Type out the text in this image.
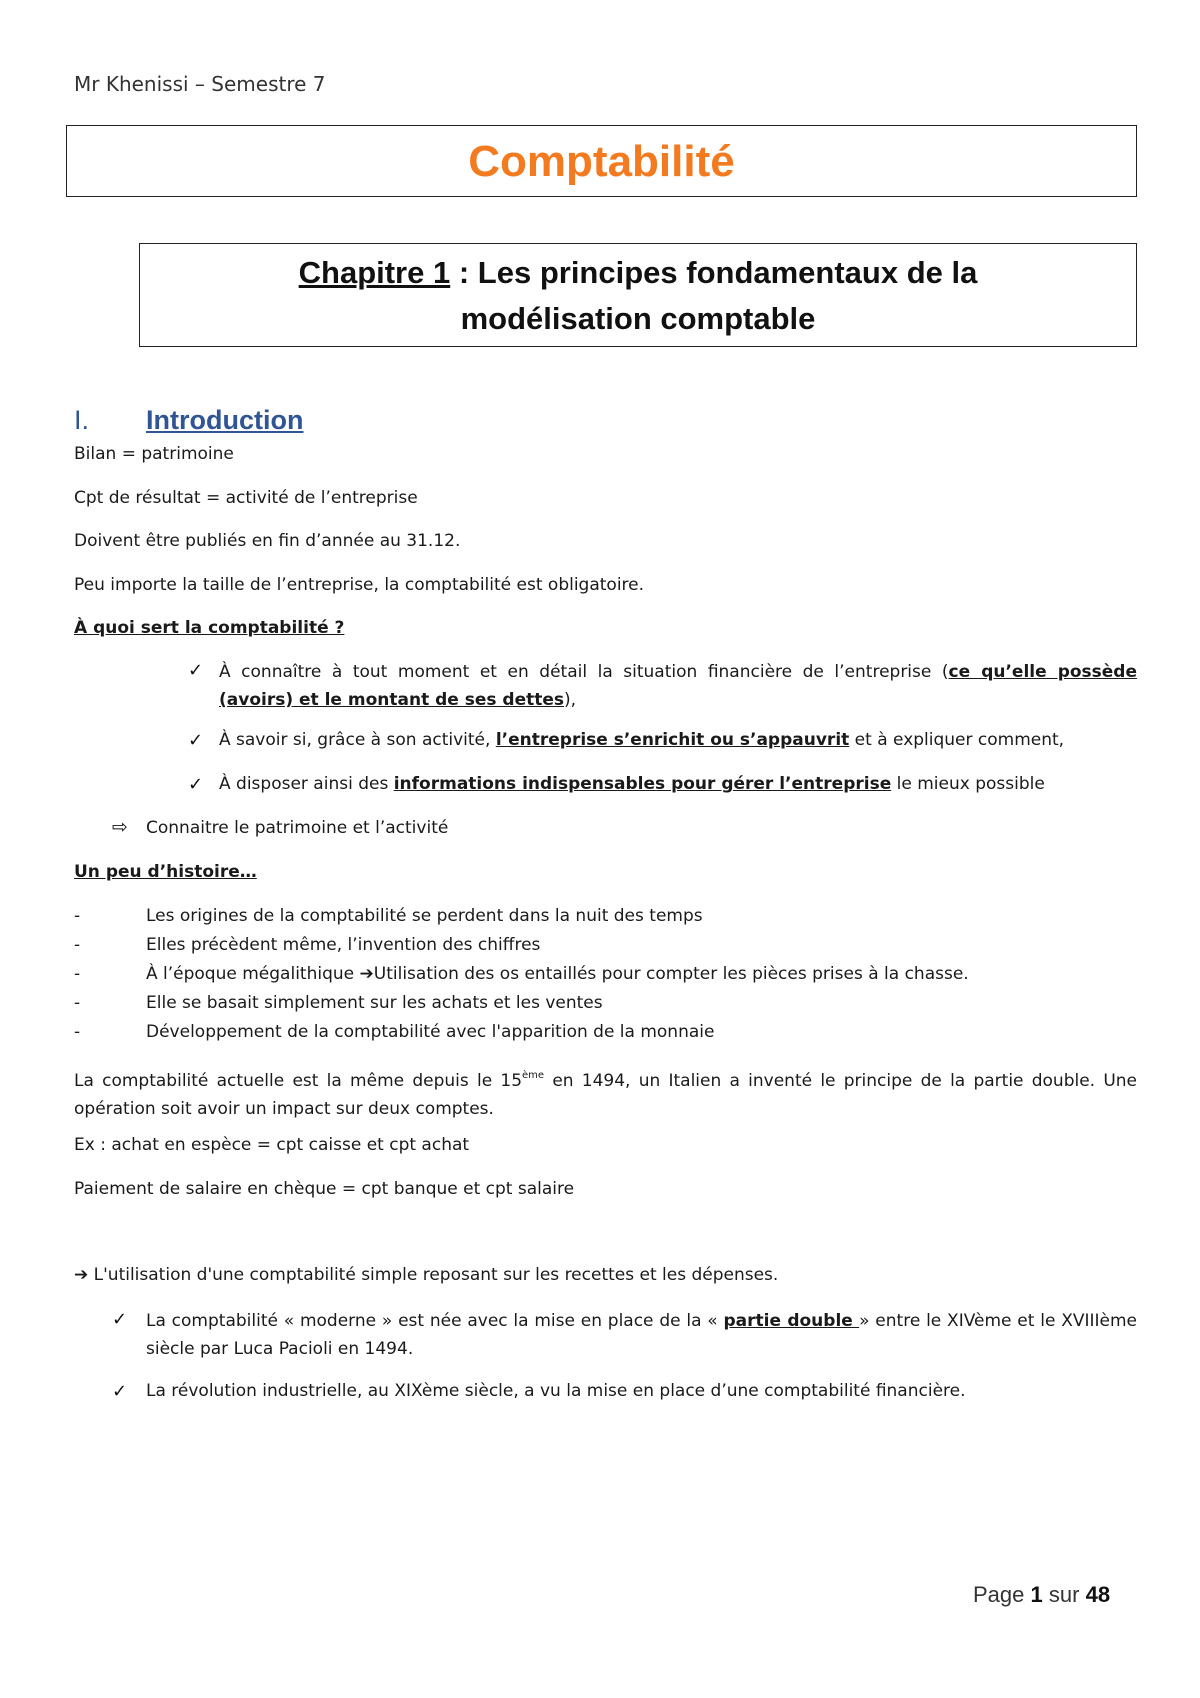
Mr Khenissi – Semestre 7
Comptabilité
Chapitre 1 : Les principes fondamentaux de la
modélisation comptable
I. Introduction
Bilan = patrimoine
Cpt de résultat = activité de l’entreprise
Doivent être publiés en fin d’année au 31.12.
Peu importe la taille de l’entreprise, la comptabilité est obligatoire.
À quoi sert la comptabilité ?
✓ À connaître à tout moment et en détail la situation financière de l’entreprise (ce qu’elle possède (avoirs) et le montant de ses dettes),
✓ À savoir si, grâce à son activité, l’entreprise s’enrichit ou s’appauvrit et à expliquer comment,
✓ À disposer ainsi des informations indispensables pour gérer l’entreprise le mieux possible
⇨ Connaitre le patrimoine et l’activité
Un peu d’histoire…
-	Les origines de la comptabilité se perdent dans la nuit des temps
-	Elles précèdent même, l’invention des chiffres
-	À l’époque mégalithique ➔Utilisation des os entaillés pour compter les pièces prises à la chasse.
-	Elle se basait simplement sur les achats et les ventes
-	Développement de la comptabilité avec l'apparition de la monnaie
La comptabilité actuelle est la même depuis le 15ème en 1494, un Italien a inventé le principe de la partie double. Une opération soit avoir un impact sur deux comptes.
Ex : achat en espèce = cpt caisse et cpt achat
Paiement de salaire en chèque = cpt banque et cpt salaire
➔ L'utilisation d'une comptabilité simple reposant sur les recettes et les dépenses.
✓ La comptabilité « moderne » est née avec la mise en place de la « partie double » entre le XIVème et le XVIIIème siècle par Luca Pacioli en 1494.
✓ La révolution industrielle, au XIXème siècle, a vu la mise en place d’une comptabilité financière.
Page 1 sur 48
